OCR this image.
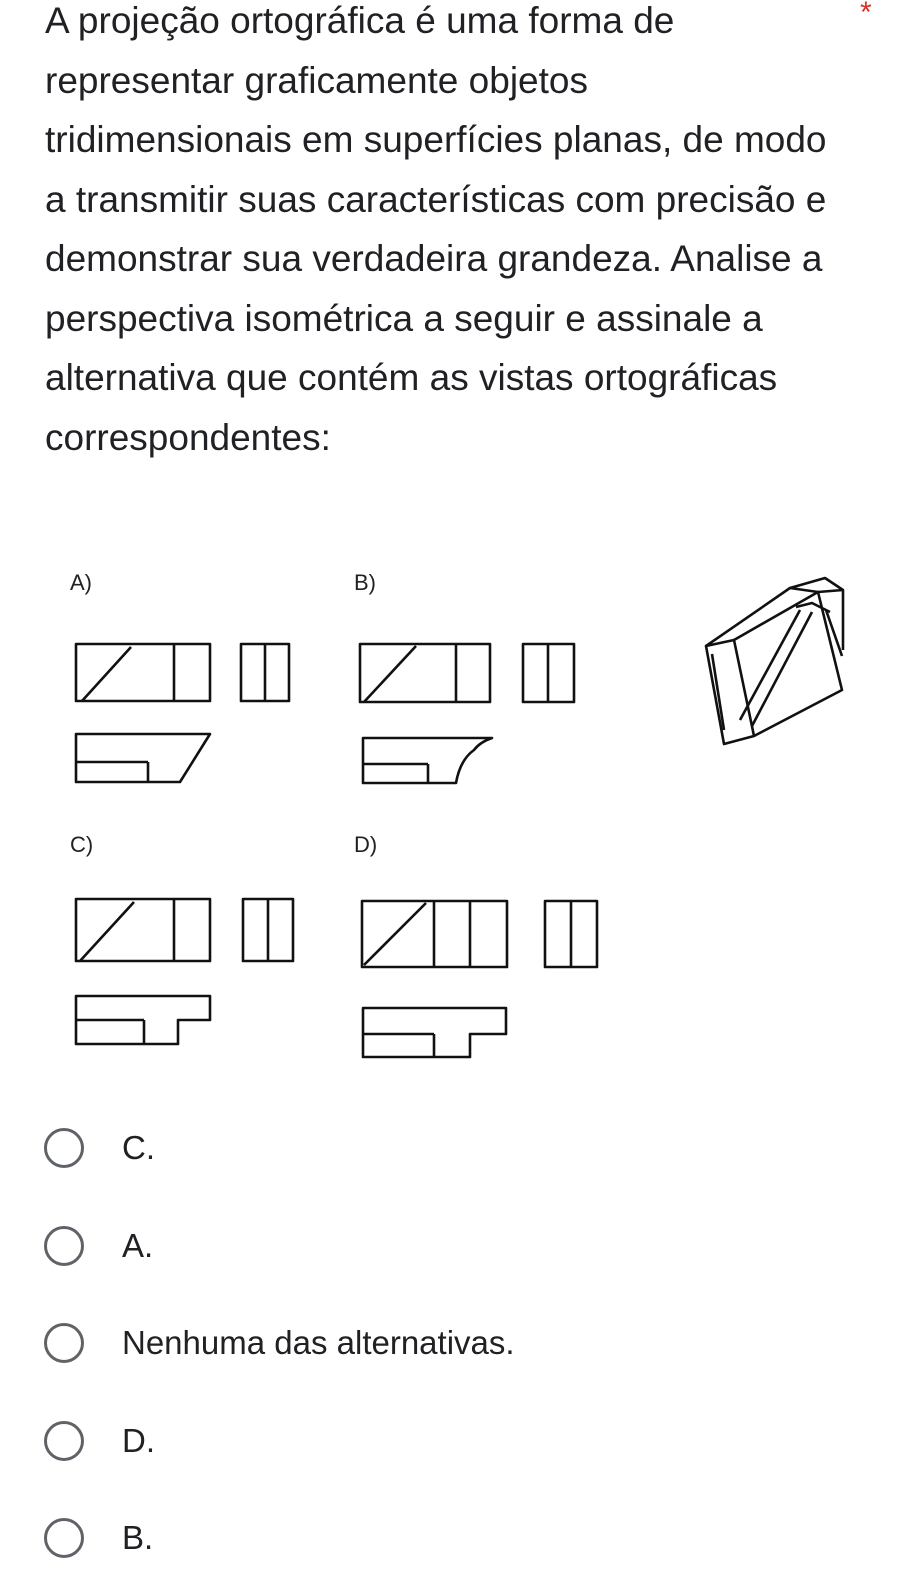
A projeção ortográfica é uma forma de representar graficamente objetos tridimensionais em superfícies planas, de modo a transmitir suas características com precisão e demonstrar sua verdadeira grandeza. Analise a perspectiva isométrica a seguir e assinale a alternativa que contém as vistas ortográficas correspondentes:

*
A)	B)
C)	D)
C.
A.
Nenhuma das alternativas.
D.
B.
